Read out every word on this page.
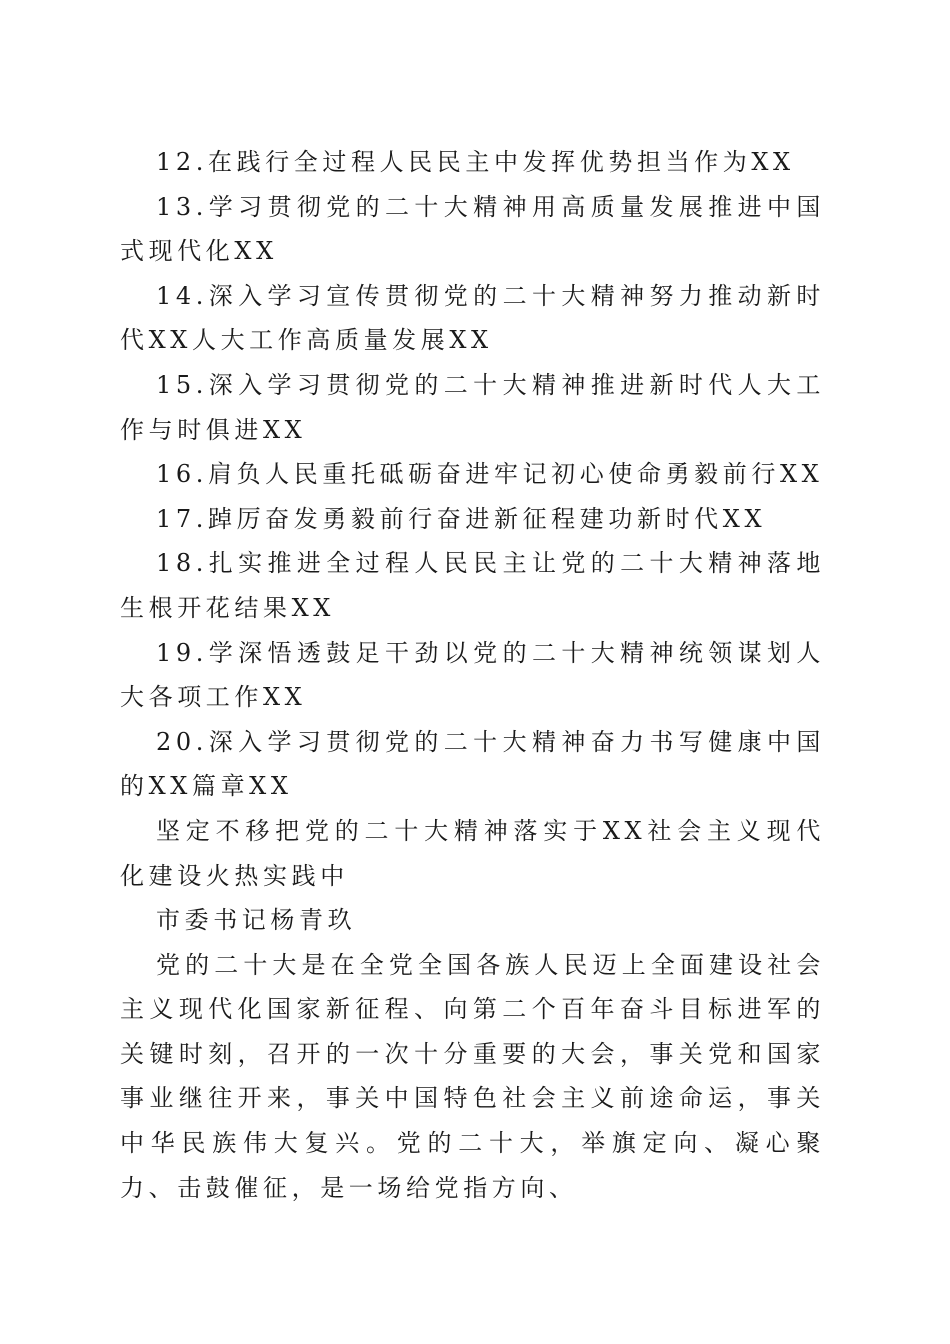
12.在践行全过程人民民主中发挥优势担当作为XX

13.学习贯彻党的二十大精神用高质量发展推进中国式现代化XX

14.深入学习宣传贯彻党的二十大精神努力推动新时代XX人大工作高质量发展XX

15.深入学习贯彻党的二十大精神推进新时代人大工作与时俱进XX

16.肩负人民重托砥砺奋进牢记初心使命勇毅前行XX

17.踔厉奋发勇毅前行奋进新征程建功新时代XX

18.扎实推进全过程人民民主让党的二十大精神落地生根开花结果XX

19.学深悟透鼓足干劲以党的二十大精神统领谋划人大各项工作XX

20.深入学习贯彻党的二十大精神奋力书写健康中国的XX篇章XX

坚定不移把党的二十大精神落实于XX社会主义现代化建设火热实践中

市委书记杨青玖

党的二十大是在全党全国各族人民迈上全面建设社会主义现代化国家新征程、向第二个百年奋斗目标进军的关键时刻，召开的一次十分重要的大会，事关党和国家事业继往开来，事关中国特色社会主义前途命运，事关中华民族伟大复兴。党的二十大，举旗定向、凝心聚力、击鼓催征，是一场给党指方向、
